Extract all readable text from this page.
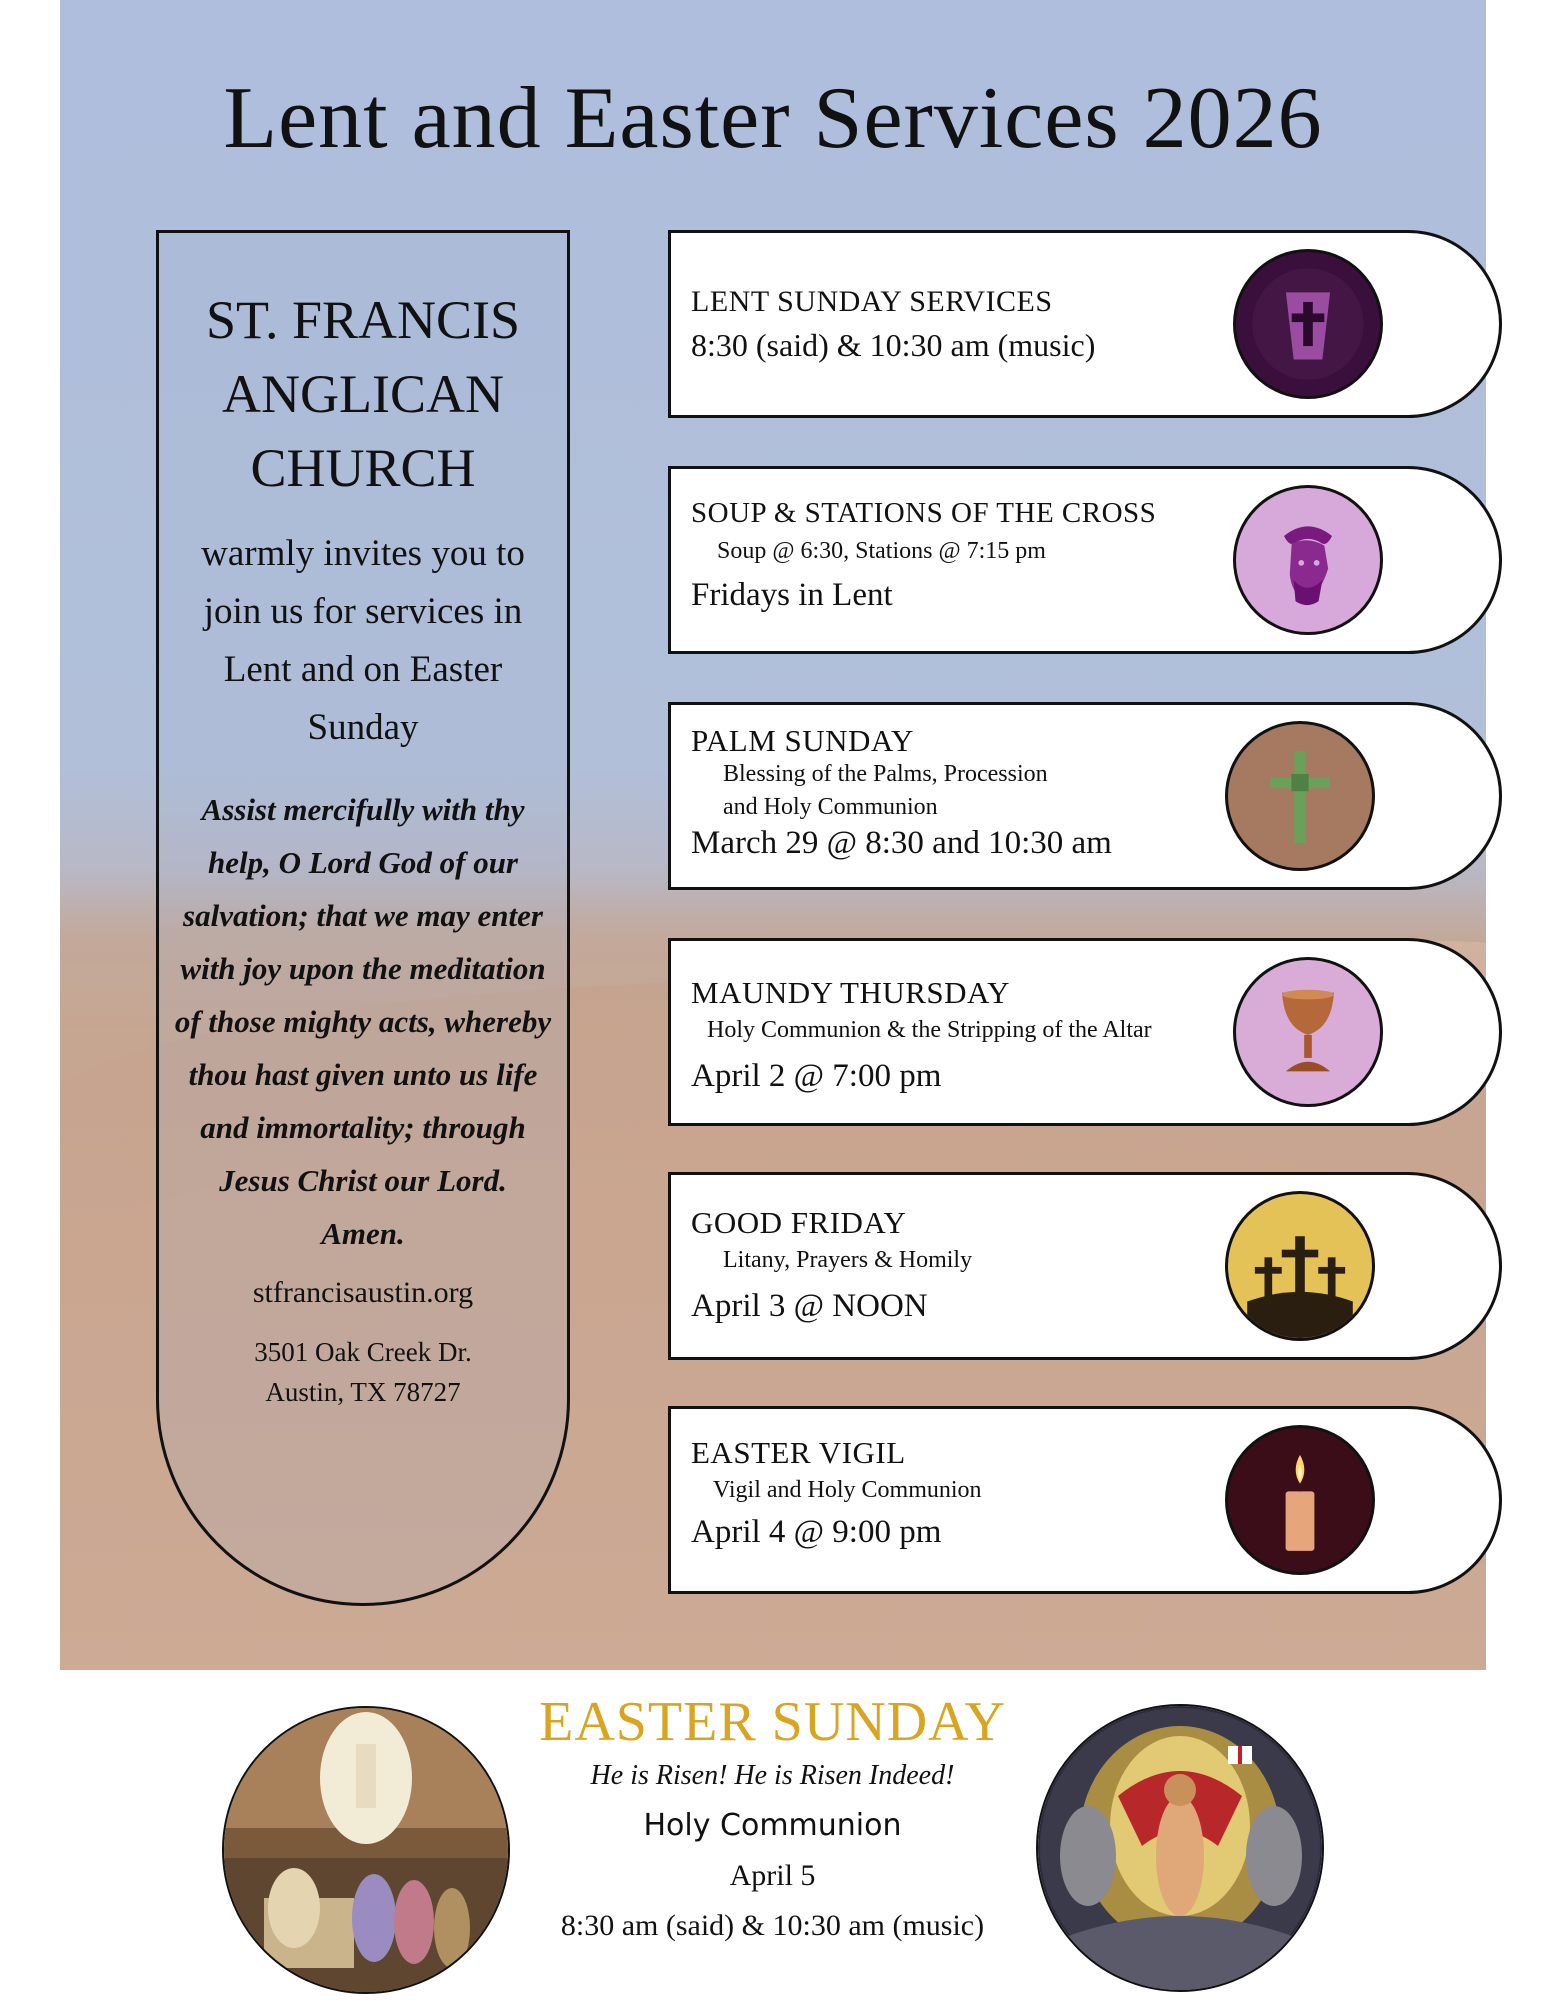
Lent and Easter Services 2026
ST. FRANCIS
ANGLICAN
CHURCH
warmly invites you to join us for services in Lent and on Easter Sunday
Assist mercifully with thy help, O Lord God of our salvation; that we may enter with joy upon the meditation of those mighty acts, whereby thou hast given unto us life and immortality; through Jesus Christ our Lord.
Amen.
stfrancisaustin.org
3501 Oak Creek Dr.
Austin, TX 78727
LENT SUNDAY SERVICES
8:30 (said) & 10:30 am (music)
SOUP & STATIONS OF THE CROSS
Soup @ 6:30, Stations @ 7:15 pm
Fridays in Lent
PALM SUNDAY
Blessing of the Palms, Procession
and Holy Communion
March 29 @ 8:30 and 10:30 am
MAUNDY THURSDAY
Holy Communion & the Stripping of the Altar
April 2 @ 7:00 pm
GOOD FRIDAY
Litany, Prayers & Homily
April 3 @ NOON
EASTER VIGIL
Vigil and Holy Communion
April 4 @ 9:00 pm
EASTER SUNDAY
He is Risen! He is Risen Indeed!
Holy Communion
April 5
8:30 am (said) & 10:30 am (music)
